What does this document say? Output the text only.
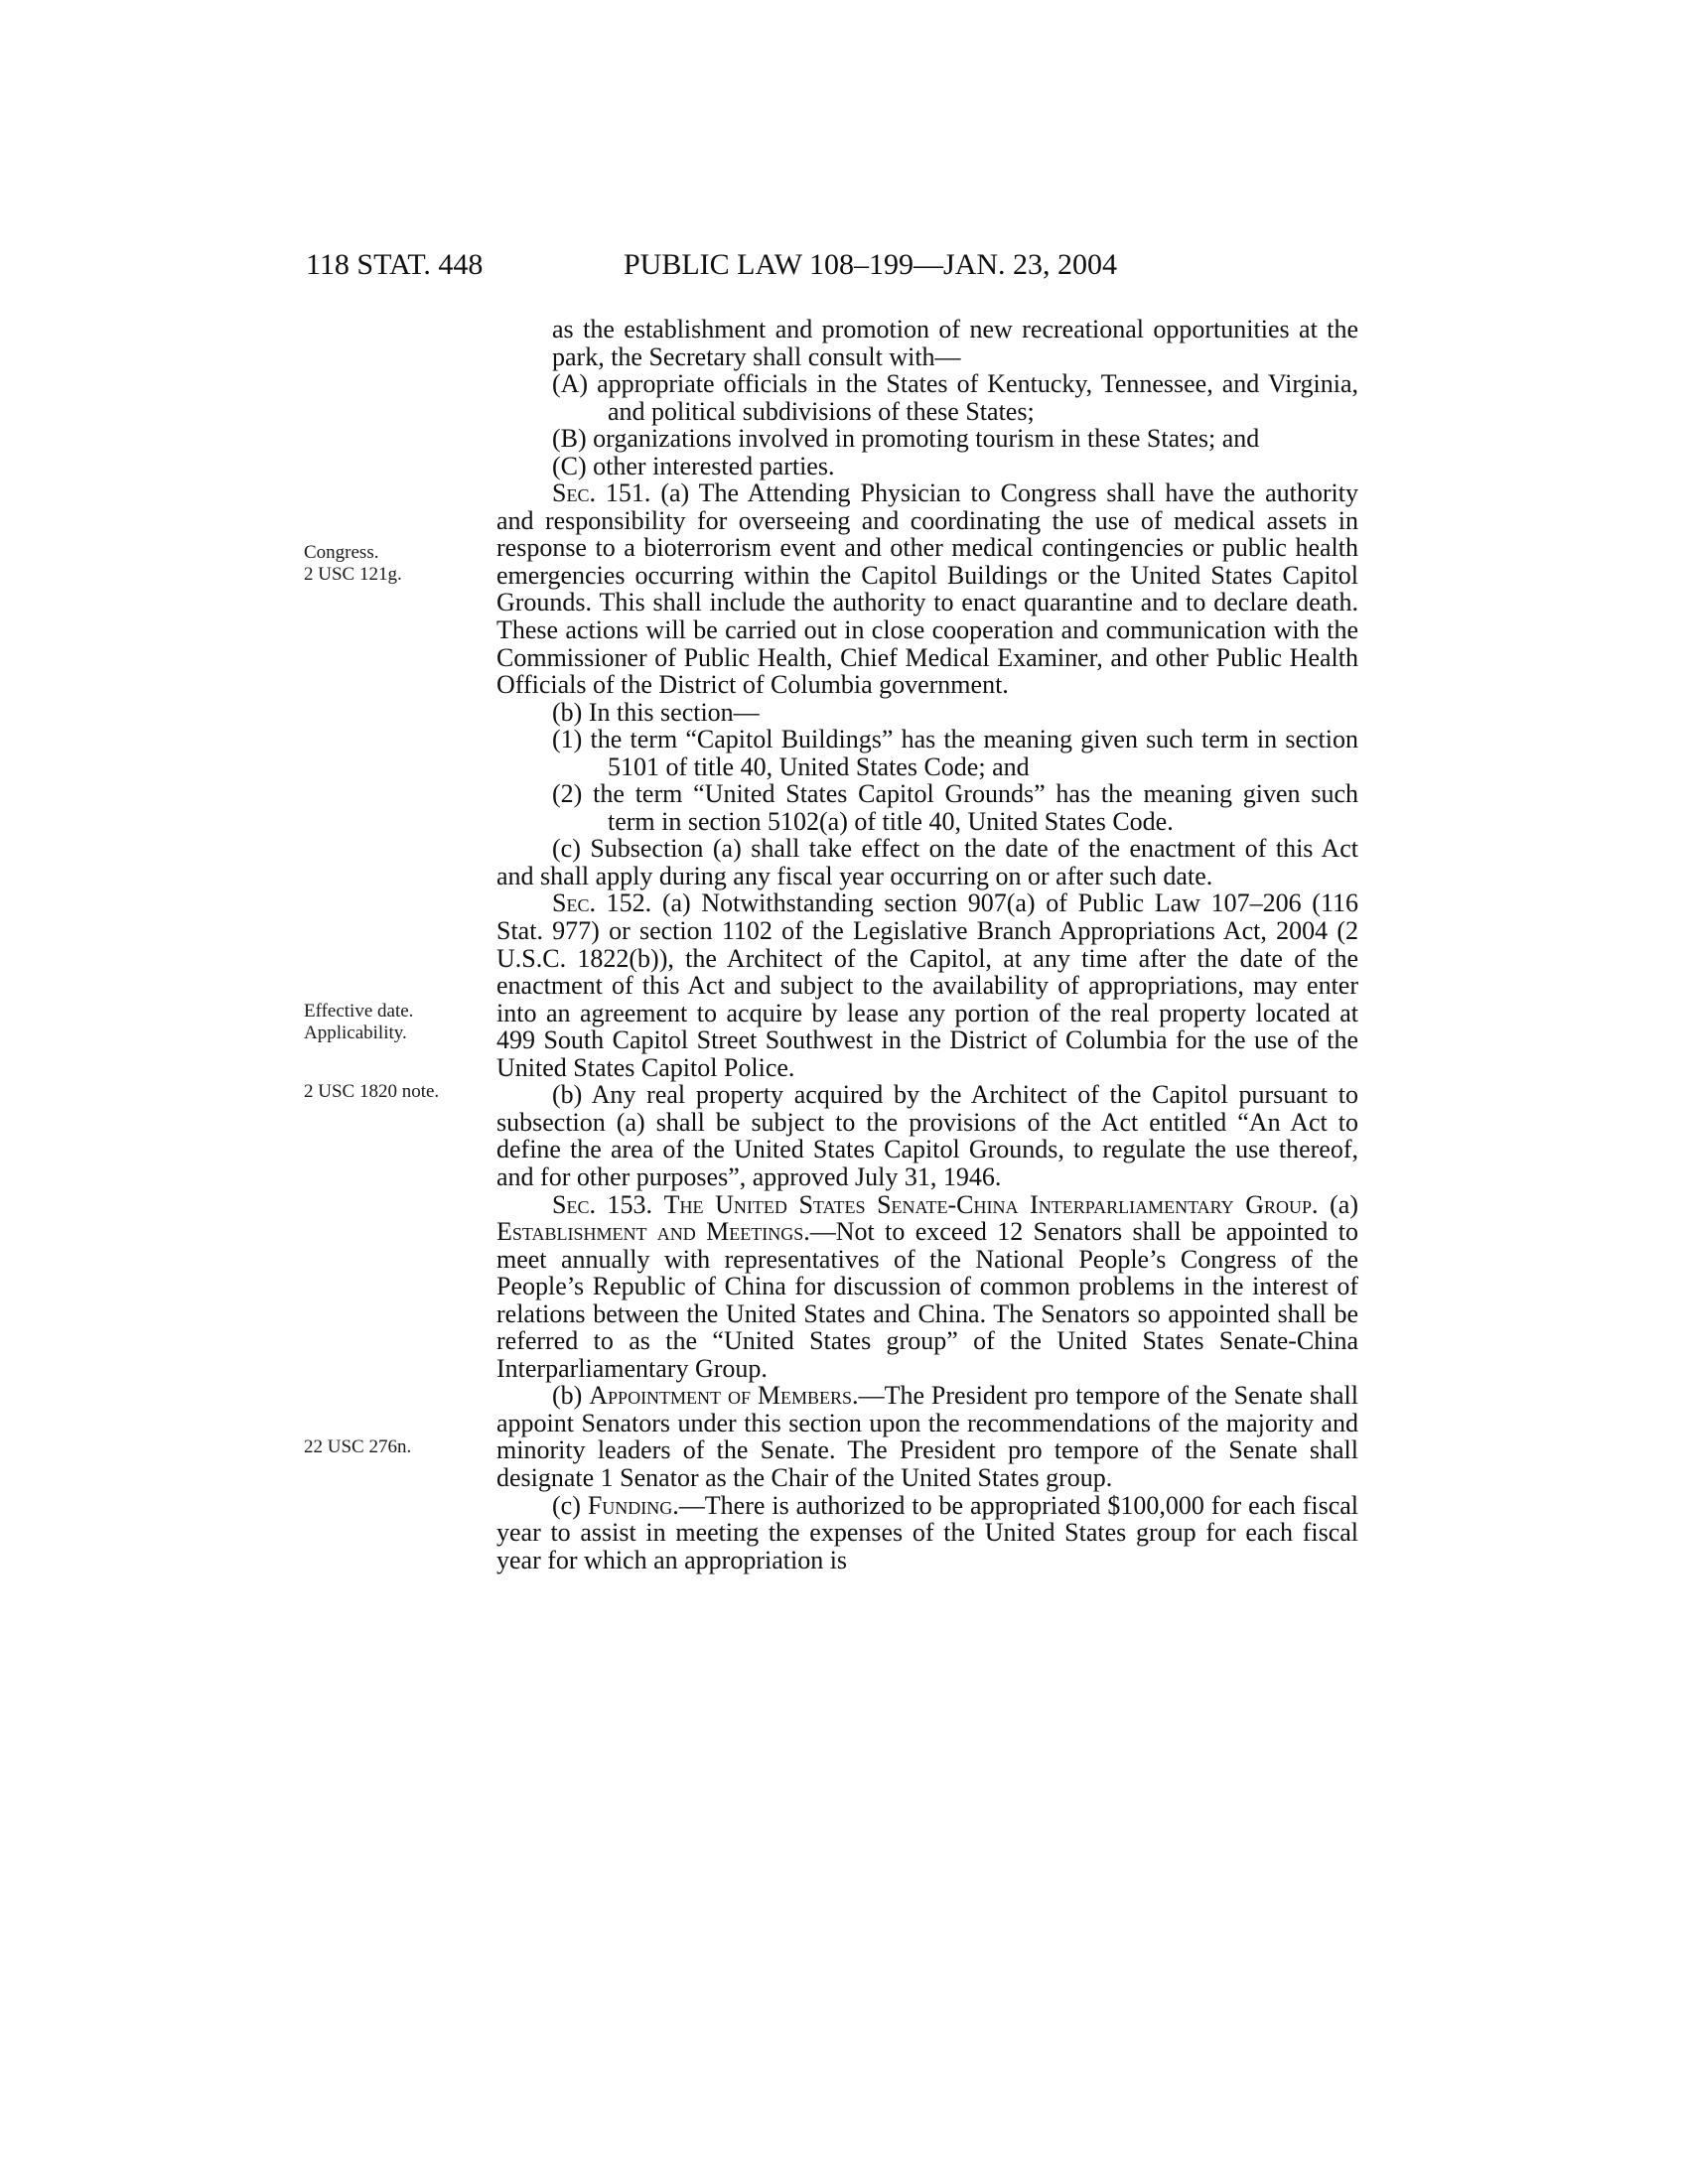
118 STAT. 448	PUBLIC LAW 108–199—JAN. 23, 2004
Congress.
2 USC 121g.
Effective date.
Applicability.
2 USC 1820 note.
22 USC 276n.

as the establishment and promotion of new recreational opportunities at the park, the Secretary shall consult with—

(A) appropriate officials in the States of Kentucky, Tennessee, and Virginia, and political subdivisions of these States;

(B) organizations involved in promoting tourism in these States; and

(C) other interested parties.

Sec. 151. (a) The Attending Physician to Congress shall have the authority and responsibility for overseeing and coordinating the use of medical assets in response to a bioterrorism event and other medical contingencies or public health emergencies occurring within the Capitol Buildings or the United States Capitol Grounds. This shall include the authority to enact quarantine and to declare death. These actions will be carried out in close cooperation and communication with the Commissioner of Public Health, Chief Medical Examiner, and other Public Health Officials of the District of Columbia government.

(b) In this section—

(1) the term “Capitol Buildings” has the meaning given such term in section 5101 of title 40, United States Code; and

(2) the term “United States Capitol Grounds” has the meaning given such term in section 5102(a) of title 40, United States Code.

(c) Subsection (a) shall take effect on the date of the enactment of this Act and shall apply during any fiscal year occurring on or after such date.

Sec. 152. (a) Notwithstanding section 907(a) of Public Law 107–206 (116 Stat. 977) or section 1102 of the Legislative Branch Appropriations Act, 2004 (2 U.S.C. 1822(b)), the Architect of the Capitol, at any time after the date of the enactment of this Act and subject to the availability of appropriations, may enter into an agreement to acquire by lease any portion of the real property located at 499 South Capitol Street Southwest in the District of Columbia for the use of the United States Capitol Police.

(b) Any real property acquired by the Architect of the Capitol pursuant to subsection (a) shall be subject to the provisions of the Act entitled “An Act to define the area of the United States Capitol Grounds, to regulate the use thereof, and for other purposes”, approved July 31, 1946.

Sec. 153. The United States Senate-China Interparliamentary Group. (a) Establishment and Meetings.—Not to exceed 12 Senators shall be appointed to meet annually with representatives of the National People’s Congress of the People’s Republic of China for discussion of common problems in the interest of relations between the United States and China. The Senators so appointed shall be referred to as the “United States group” of the United States Senate-China Interparliamentary Group.

(b) Appointment of Members.—The President pro tempore of the Senate shall appoint Senators under this section upon the recommendations of the majority and minority leaders of the Senate. The President pro tempore of the Senate shall designate 1 Senator as the Chair of the United States group.

(c) Funding.—There is authorized to be appropriated $100,000 for each fiscal year to assist in meeting the expenses of the United States group for each fiscal year for which an appropriation is
